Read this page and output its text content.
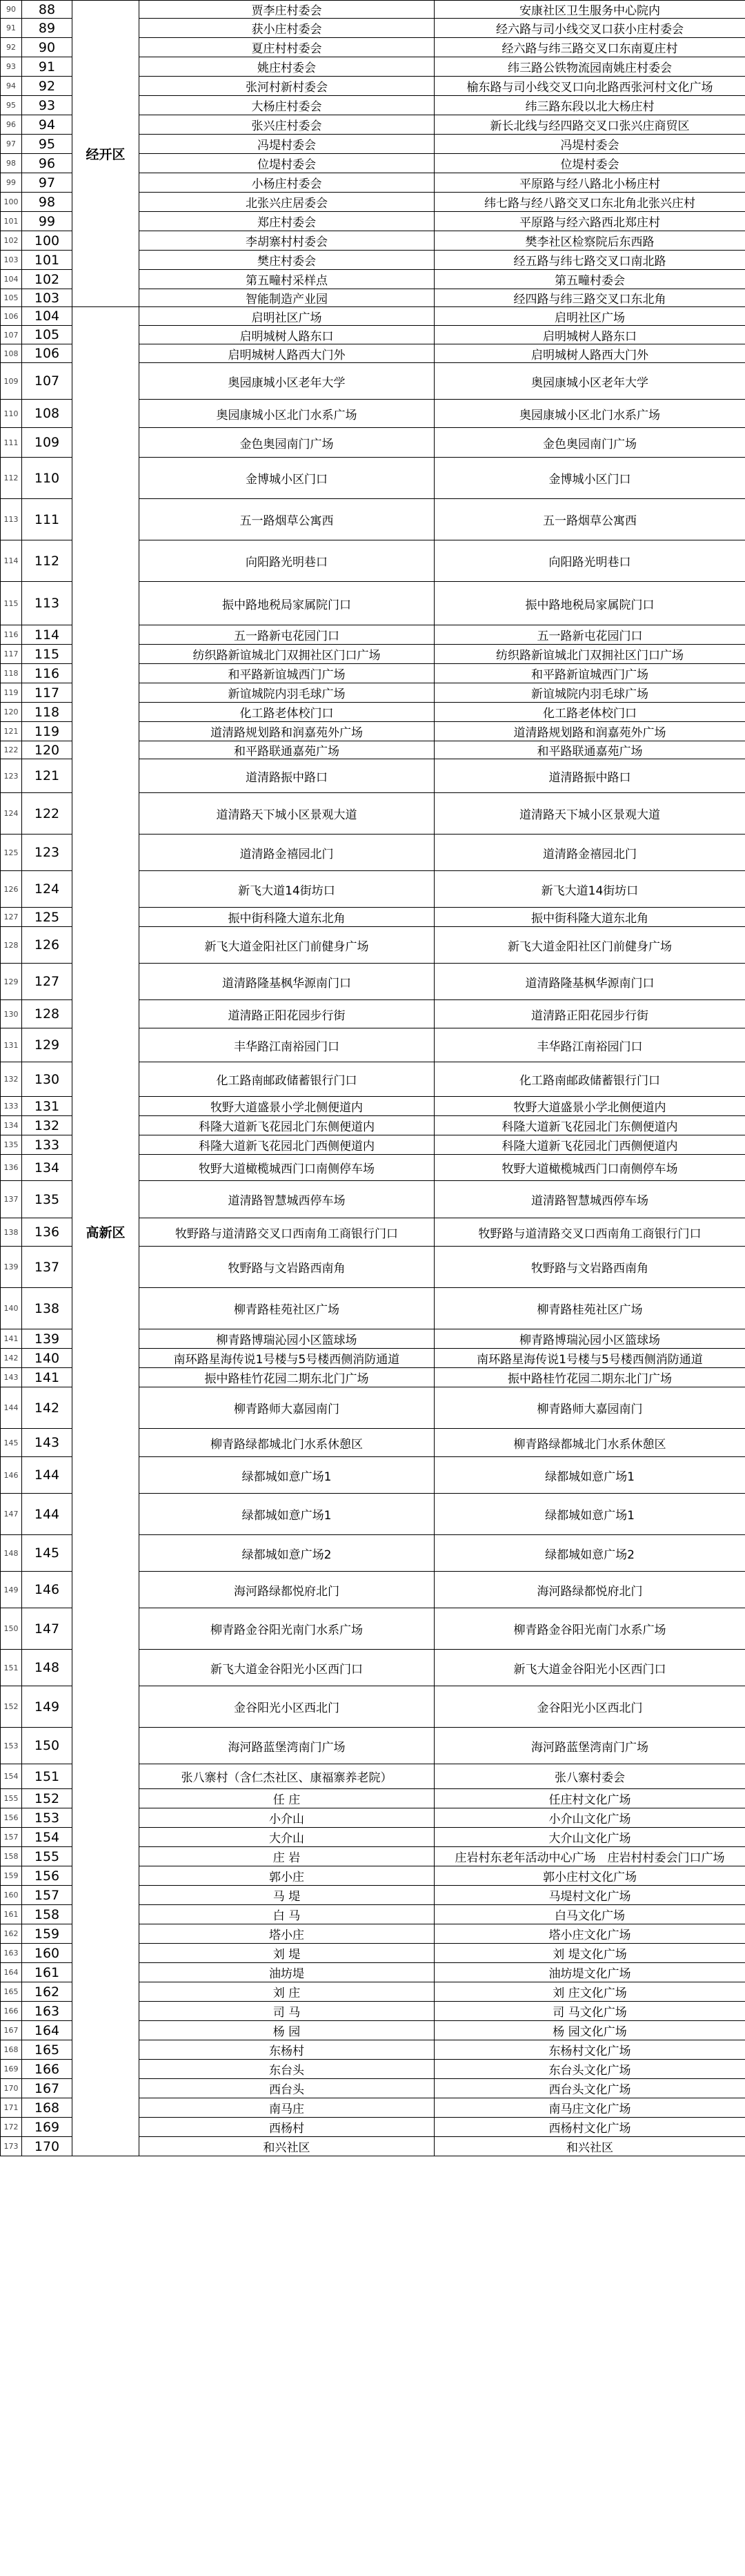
90	88	经开区	贾李庄村委会	安康社区卫生服务中心院内
91	89		获小庄村委会	经六路与司小线交叉口获小庄村委会
92	90		夏庄村村委会	经六路与纬三路交叉口东南夏庄村
93	91		姚庄村委会	纬三路公铁物流园南姚庄村委会
94	92		张河村新村委会	榆东路与司小线交叉口向北路西张河村文化广场
95	93		大杨庄村委会	纬三路东段以北大杨庄村
96	94		张兴庄村委会	新长北线与经四路交叉口张兴庄商贸区
97	95		冯堤村委会	冯堤村委会
98	96		位堤村委会	位堤村委会
99	97		小杨庄村委会	平原路与经八路北小杨庄村
100	98		北张兴庄居委会	纬七路与经八路交叉口东北角北张兴庄村
101	99		郑庄村委会	平原路与经六路西北郑庄村
102	100		李胡寨村村委会	樊李社区检察院后东西路
103	101		樊庄村委会	经五路与纬七路交叉口南北路
104	102		第五疃村采样点	第五疃村委会
105	103		智能制造产业园	经四路与纬三路交叉口东北角
106	104	高新区	启明社区广场	启明社区广场
107	105		启明城树人路东口	启明城树人路东口
108	106		启明城树人路西大门外	启明城树人路西大门外
109	107		奥园康城小区老年大学	奥园康城小区老年大学
110	108		奥园康城小区北门水系广场	奥园康城小区北门水系广场
111	109		金色奥园南门广场	金色奥园南门广场
112	110		金博城小区门口	金博城小区门口
113	111		五一路烟草公寓西	五一路烟草公寓西
114	112		向阳路光明巷口	向阳路光明巷口
115	113		振中路地税局家属院门口	振中路地税局家属院门口
116	114		五一路新屯花园门口	五一路新屯花园门口
117	115		纺织路新谊城北门双拥社区门口广场	纺织路新谊城北门双拥社区门口广场
118	116		和平路新谊城西门广场	和平路新谊城西门广场
119	117		新谊城院内羽毛球广场	新谊城院内羽毛球广场
120	118		化工路老体校门口	化工路老体校门口
121	119		道清路规划路和润嘉苑外广场	道清路规划路和润嘉苑外广场
122	120		和平路联通嘉苑广场	和平路联通嘉苑广场
123	121		道清路振中路口	道清路振中路口
124	122		道清路天下城小区景观大道	道清路天下城小区景观大道
125	123		道清路金禧园北门	道清路金禧园北门
126	124		新飞大道14街坊口	新飞大道14街坊口
127	125		振中街科隆大道东北角	振中街科隆大道东北角
128	126		新飞大道金阳社区门前健身广场	新飞大道金阳社区门前健身广场
129	127		道清路隆基枫华源南门口	道清路隆基枫华源南门口
130	128		道清路正阳花园步行街	道清路正阳花园步行街
131	129		丰华路江南裕园门口	丰华路江南裕园门口
132	130		化工路南邮政储蓄银行门口	化工路南邮政储蓄银行门口
133	131		牧野大道盛景小学北侧便道内	牧野大道盛景小学北侧便道内
134	132		科隆大道新飞花园北门东侧便道内	科隆大道新飞花园北门东侧便道内
135	133		科隆大道新飞花园北门西侧便道内	科隆大道新飞花园北门西侧便道内
136	134		牧野大道橄榄城西门口南侧停车场	牧野大道橄榄城西门口南侧停车场
137	135		道清路智慧城西停车场	道清路智慧城西停车场
138	136		牧野路与道清路交叉口西南角工商银行门口	牧野路与道清路交叉口西南角工商银行门口
139	137		牧野路与文岩路西南角	牧野路与文岩路西南角
140	138		柳青路桂苑社区广场	柳青路桂苑社区广场
141	139		柳青路博瑞沁园小区篮球场	柳青路博瑞沁园小区篮球场
142	140		南环路星海传说1号楼与5号楼西侧消防通道	南环路星海传说1号楼与5号楼西侧消防通道
143	141		振中路桂竹花园二期东北门广场	振中路桂竹花园二期东北门广场
144	142		柳青路师大嘉园南门	柳青路师大嘉园南门
145	143		柳青路绿都城北门水系休憩区	柳青路绿都城北门水系休憩区
146	144		绿都城如意广场1	绿都城如意广场1
147	144		绿都城如意广场1	绿都城如意广场1
148	145		绿都城如意广场2	绿都城如意广场2
149	146		海河路绿都悦府北门	海河路绿都悦府北门
150	147		柳青路金谷阳光南门水系广场	柳青路金谷阳光南门水系广场
151	148		新飞大道金谷阳光小区西门口	新飞大道金谷阳光小区西门口
152	149		金谷阳光小区西北门	金谷阳光小区西北门
153	150		海河路蓝堡湾南门广场	海河路蓝堡湾南门广场
154	151		张八寨村（含仁杰社区、康福寨养老院）	张八寨村委会
155	152		任 庄	任庄村文化广场
156	153		小介山	小介山文化广场
157	154		大介山	大介山文化广场
158	155		庄 岩	庄岩村东老年活动中心广场　庄岩村村委会门口广场
159	156		郭小庄	郭小庄村文化广场
160	157		马 堤	马堤村文化广场
161	158		白 马	白马文化广场
162	159		塔小庄	塔小庄文化广场
163	160		刘 堤	刘 堤文化广场
164	161		油坊堤	油坊堤文化广场
165	162		刘 庄	刘 庄文化广场
166	163		司 马	司 马文化广场
167	164		杨 园	杨 园文化广场
168	165		东杨村	东杨村文化广场
169	166		东台头	东台头文化广场
170	167		西台头	西台头文化广场
171	168		南马庄	南马庄文化广场
172	169		西杨村	西杨村文化广场
173	170		和兴社区	和兴社区
